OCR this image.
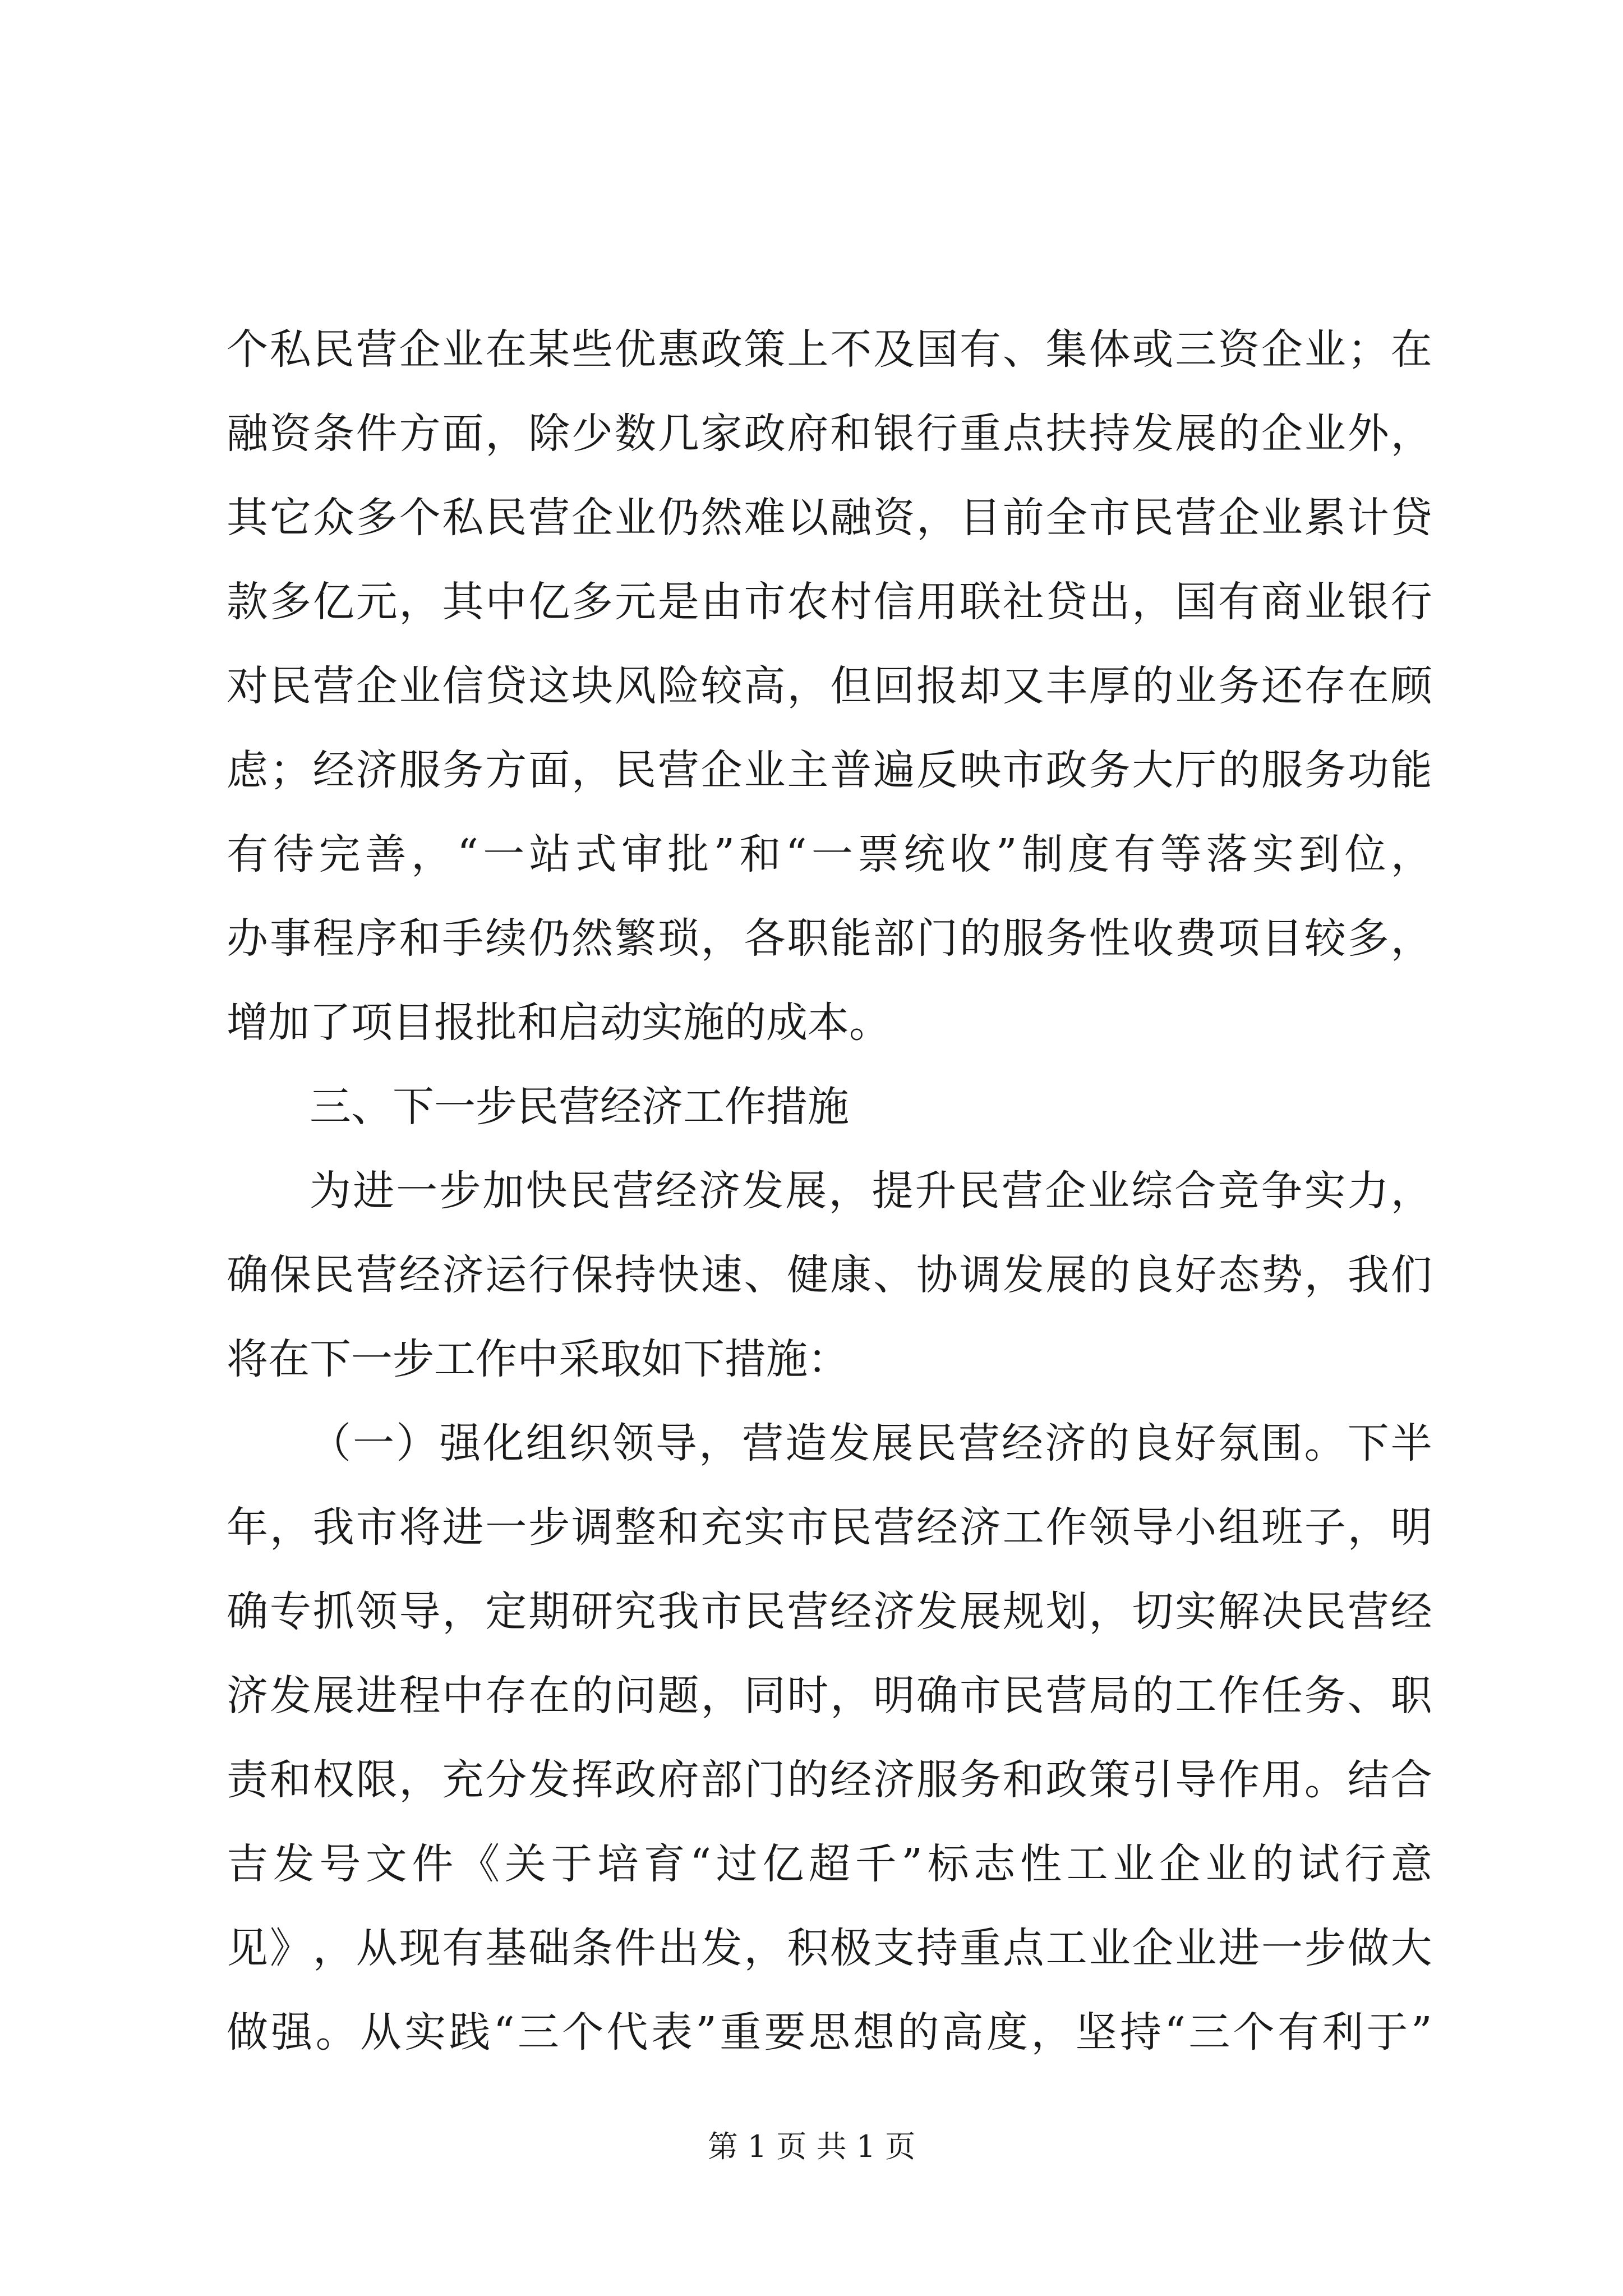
个 私 民 营 企 业 在 某 些 优 惠 政 策 上 不 及 国 有 、 集 体 或 三 资 企 业 ； 在
融 资 条 件 方 面 ， 除 少 数 几 家 政 府 和 银 行 重 点 扶 持 发 展 的 企 业 外 ，
其 它 众 多 个 私 民 营 企 业 仍 然 难 以 融 资 ， 目 前 全 市 民 营 企 业 累 计 贷
款 多 亿 元 ， 其 中 亿 多 元 是 由 市 农 村 信 用 联 社 贷 出 ， 国 有 商 业 银 行
对 民 营 企 业 信 贷 这 块 风 险 较 高 ， 但 回 报 却 又 丰 厚 的 业 务 还 存 在 顾
虑 ； 经 济 服 务 方 面 ， 民 营 企 业 主 普 遍 反 映 市 政 务 大 厅 的 服 务 功 能
有 待 完 善 ， “ 一 站 式 审 批 ” 和 “ 一 票 统 收 ” 制 度 有 等 落 实 到 位 ，
办 事 程 序 和 手 续 仍 然 繁 琐 ， 各 职 能 部 门 的 服 务 性 收 费 项 目 较 多 ，
增加了项目报批和启动实施的成本。
三、下一步民营经济工作措施
为 进 一 步 加 快 民 营 经 济 发 展 ， 提 升 民 营 企 业 综 合 竞 争 实 力 ，
确 保 民 营 经 济 运 行 保 持 快 速 、 健 康 、 协 调 发 展 的 良 好 态 势 ， 我 们
将在下一步工作中采取如下措施：
（ 一 ） 强 化 组 织 领 导 ， 营 造 发 展 民 营 经 济 的 良 好 氛 围 。 下 半
年 ， 我 市 将 进 一 步 调 整 和 充 实 市 民 营 经 济 工 作 领 导 小 组 班 子 ， 明
确 专 抓 领 导 ， 定 期 研 究 我 市 民 营 经 济 发 展 规 划 ， 切 实 解 决 民 营 经
济 发 展 进 程 中 存 在 的 问 题 ， 同 时 ， 明 确 市 民 营 局 的 工 作 任 务 、 职
责 和 权 限 ， 充 分 发 挥 政 府 部 门 的 经 济 服 务 和 政 策 引 导 作 用 。 结 合
吉 发 号 文 件 《 关 于 培 育 “ 过 亿 超 千 ” 标 志 性 工 业 企 业 的 试 行 意
见 》 ， 从 现 有 基 础 条 件 出 发 ， 积 极 支 持 重 点 工 业 企 业 进 一 步 做 大
做 强 。 从 实 践 “ 三 个 代 表 ” 重 要 思 想 的 高 度 ， 坚 持 “ 三 个 有 利 于 ”
第 1 页 共 1 页
